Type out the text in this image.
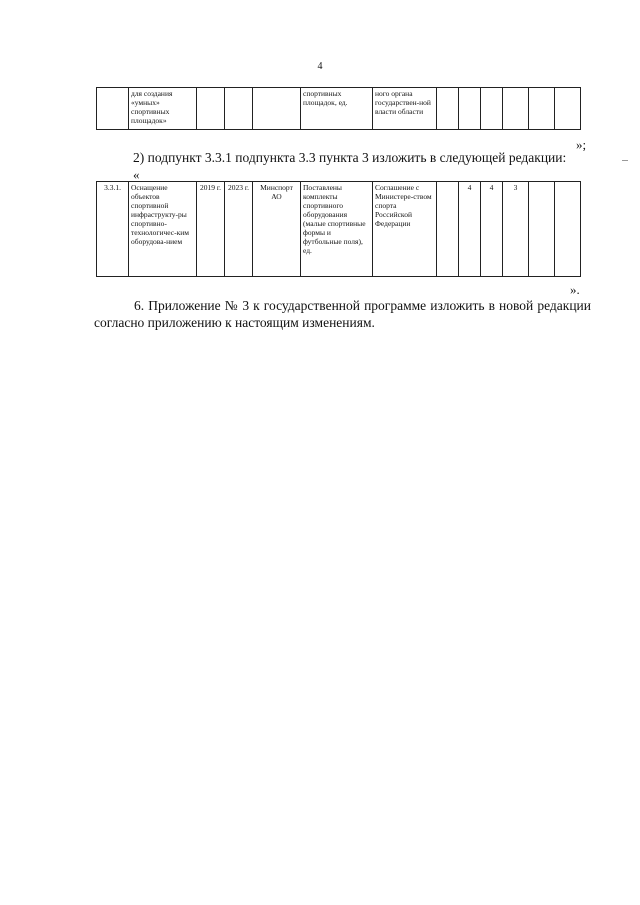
4
	для создания «умных» спортивных площадок»				спортивных площадок, ед.	ного органа государствен-ной власти области						
»;
2) подпункт 3.3.1 подпункта 3.3 пункта 3 изложить в следующей редакции:
«
3.3.1.	Оснащение объектов спортивной инфраструкту-ры спортивно-технологичес-ким оборудова-нием	2019 г.	2023 г.	Минспорт АО	Поставлены комплекты спортивного оборудования (малые спортивные формы и футбольные поля), ед.	Соглашение с Министере-ством спорта Российской Федерации		4	4	3		
».
6. Приложение № 3 к государственной программе изложить в новой редакции согласно приложению к настоящим изменениям.
